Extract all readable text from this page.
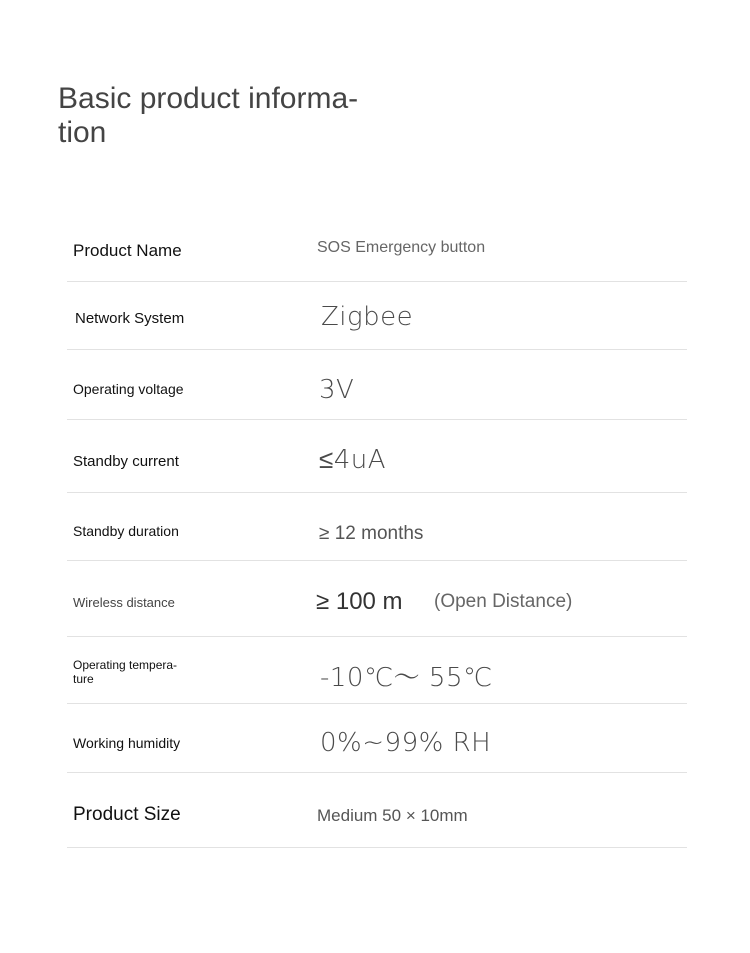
Basic product informa-
tion
Product Name	SOS Emergency button
Network System	Zigbee
Operating voltage	3V
Standby current	≤4uA
Standby duration	≥ 12 months
Wireless distance	≥ 100 m (Open Distance)
Operating tempera-
ture	-10℃～ 55℃
Working humidity	0%~99% RH
Product Size	Medium 50 × 10mm
